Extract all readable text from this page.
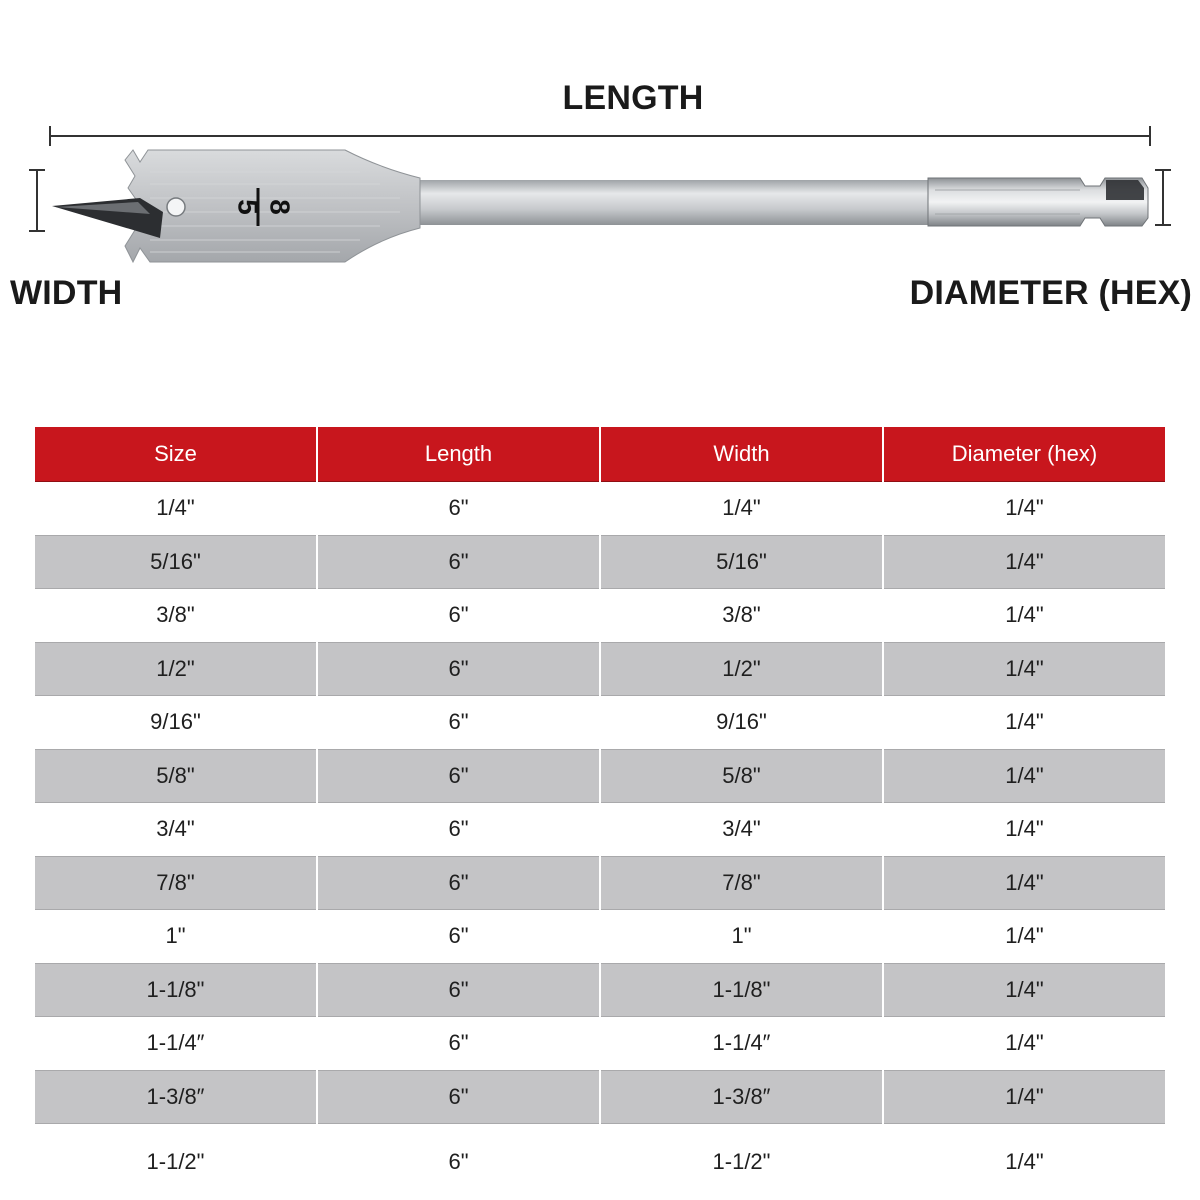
5 8
LENGTH
WIDTH	DIAMETER (HEX)
Size	Length	Width	Diameter (hex)
1/4"	6"	1/4"	1/4"
5/16"	6"	5/16"	1/4"
3/8"	6"	3/8"	1/4"
1/2"	6"	1/2"	1/4"
9/16"	6"	9/16"	1/4"
5/8"	6"	5/8"	1/4"
3/4"	6"	3/4"	1/4"
7/8"	6"	7/8"	1/4"
1"	6"	1"	1/4"
1-1/8"	6"	1-1/8"	1/4"
1-1/4″	6"	1-1/4″	1/4"
1-3/8″	6"	1-3/8″	1/4"
1-1/2"	6"	1-1/2"	1/4"
